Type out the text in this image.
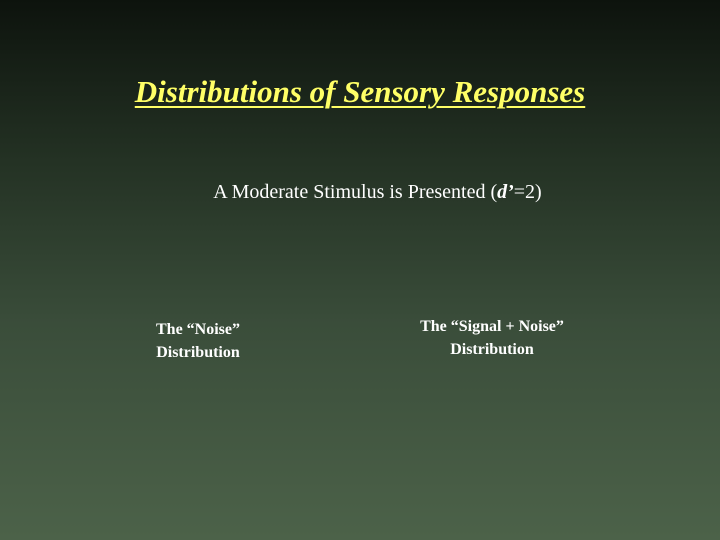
Distributions of Sensory Responses
A Moderate Stimulus is Presented (d’=2)
The “Noise”
Distribution
The “Signal + Noise”
Distribution
